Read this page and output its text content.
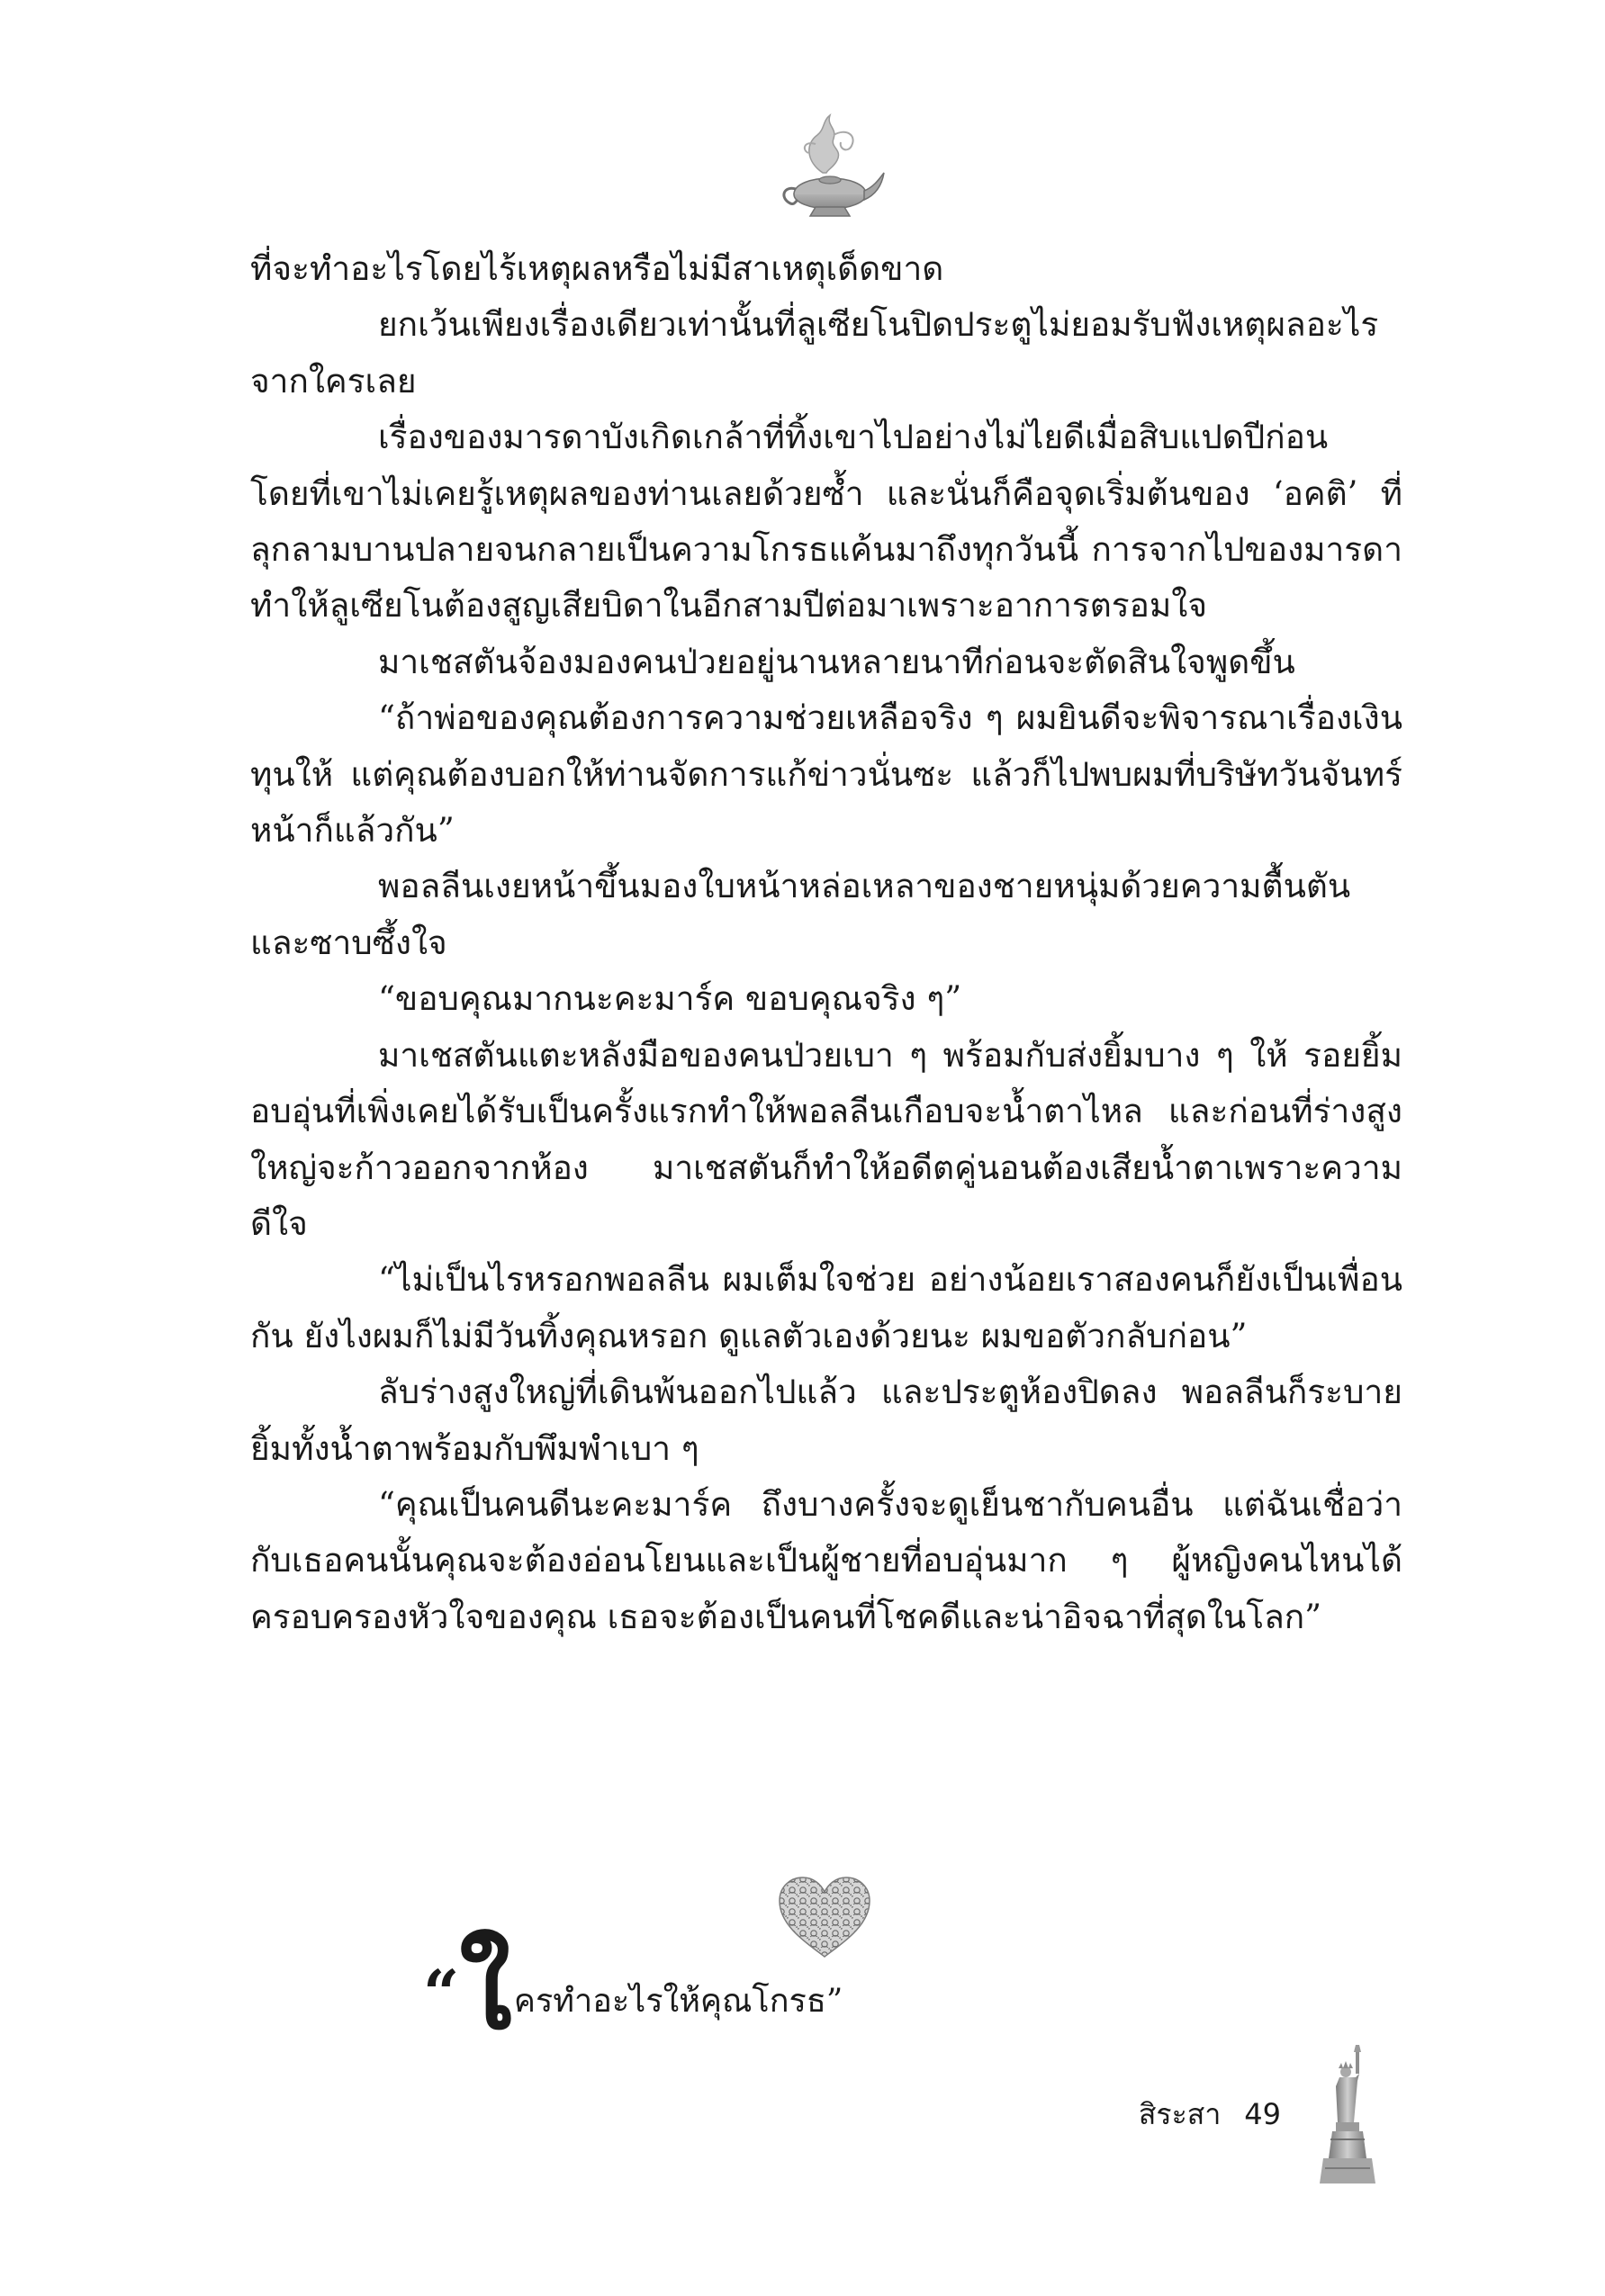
ที่จะทำอะไรโดยไร้เหตุผลหรือไม่มีสาเหตุเด็ดขาด

ยกเว้นเพียงเรื่องเดียวเท่านั้นที่ลูเซียโนปิดประตูไม่ยอมรับฟังเหตุผลอะไรจากใครเลย

เรื่องของมารดาบังเกิดเกล้าที่ทิ้งเขาไปอย่างไม่ไยดีเมื่อสิบแปดปีก่อน โดยที่เขาไม่เคยรู้เหตุผลของท่านเลยด้วยซ้ำ และนั่นก็คือจุดเริ่มต้นของ ‘อคติ’ ที่ลุกลามบานปลายจนกลายเป็นความโกรธแค้นมาถึงทุกวันนี้ การจากไปของมารดาทำให้ลูเซียโนต้องสูญเสียบิดาในอีกสามปีต่อมาเพราะอาการตรอมใจ

มาเชสตันจ้องมองคนป่วยอยู่นานหลายนาทีก่อนจะตัดสินใจพูดขึ้น

“ถ้าพ่อของคุณต้องการความช่วยเหลือจริง ๆ ผมยินดีจะพิจารณาเรื่องเงินทุนให้ แต่คุณต้องบอกให้ท่านจัดการแก้ข่าวนั่นซะ แล้วก็ไปพบผมที่บริษัทวันจันทร์หน้าก็แล้วกัน”

พอลลีนเงยหน้าขึ้นมองใบหน้าหล่อเหลาของชายหนุ่มด้วยความตื้นตันและซาบซึ้งใจ

“ขอบคุณมากนะคะมาร์ค ขอบคุณจริง ๆ”

มาเชสตันแตะหลังมือของคนป่วยเบา ๆ พร้อมกับส่งยิ้มบาง ๆ ให้ รอยยิ้มอบอุ่นที่เพิ่งเคยได้รับเป็นครั้งแรกทำให้พอลลีนเกือบจะน้ำตาไหล และก่อนที่ร่างสูงใหญ่จะก้าวออกจากห้อง มาเชสตันก็ทำให้อดีตคู่นอนต้องเสียน้ำตาเพราะความดีใจ

“ไม่เป็นไรหรอกพอลลีน ผมเต็มใจช่วย อย่างน้อยเราสองคนก็ยังเป็นเพื่อนกัน ยังไงผมก็ไม่มีวันทิ้งคุณหรอก ดูแลตัวเองด้วยนะ ผมขอตัวกลับก่อน”

ลับร่างสูงใหญ่ที่เดินพ้นออกไปแล้ว และประตูห้องปิดลง พอลลีนก็ระบายยิ้มทั้งน้ำตาพร้อมกับพึมพำเบา ๆ

“คุณเป็นคนดีนะคะมาร์ค ถึงบางครั้งจะดูเย็นชากับคนอื่น แต่ฉันเชื่อว่ากับเธอคนนั้นคุณจะต้องอ่อนโยนและเป็นผู้ชายที่อบอุ่นมาก ๆ ผู้หญิงคนไหนได้ครอบครองหัวใจของคุณ เธอจะต้องเป็นคนที่โชคดีและน่าอิจฉาที่สุดในโลก”

“ใครทำอะไรให้คุณโกรธ”
สิระสา 49
